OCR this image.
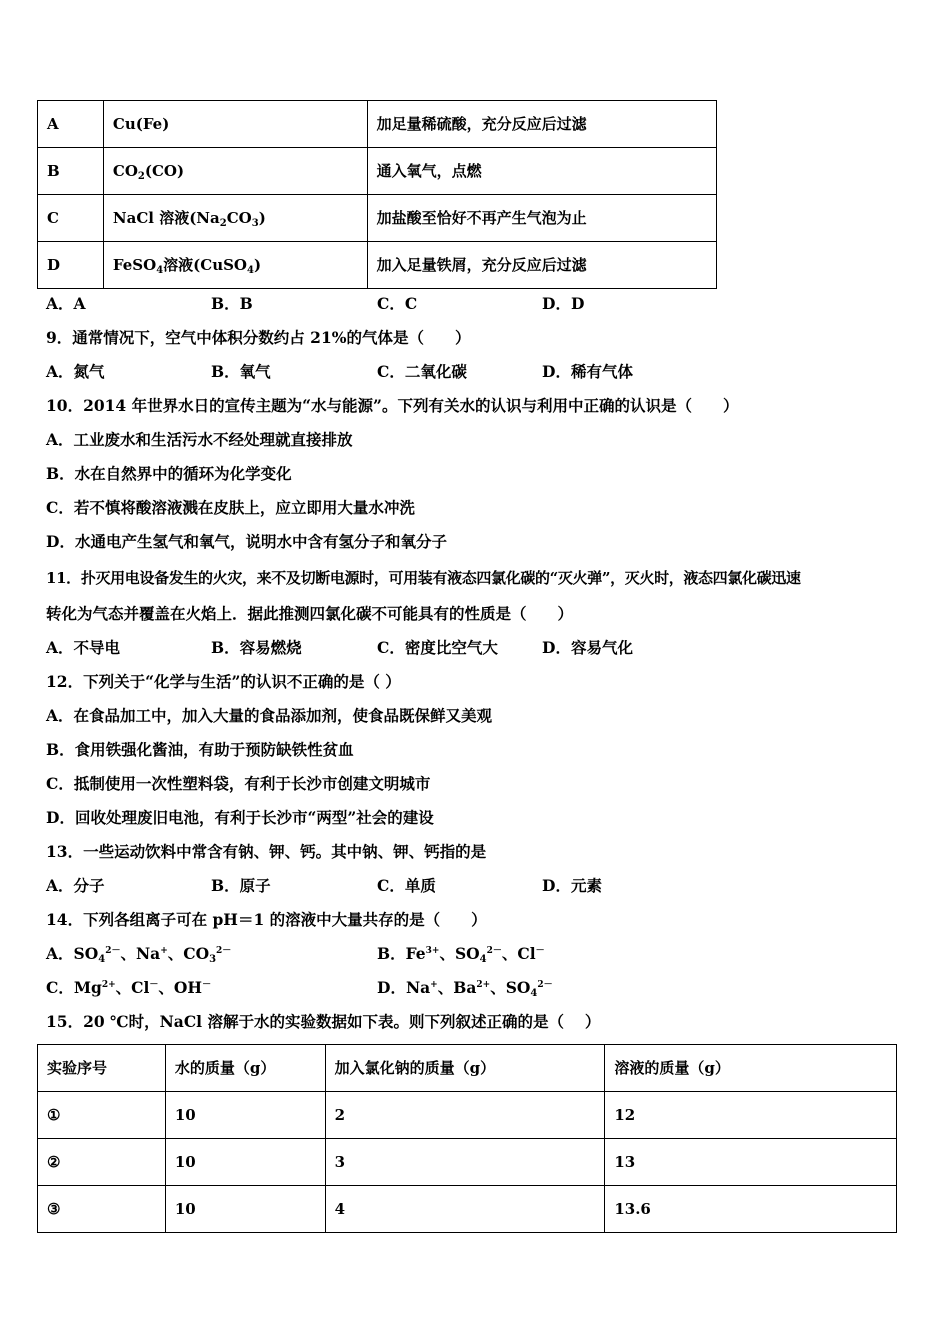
A	Cu(Fe)	加足量稀硫酸，充分反应后过滤
B	$CO_2(CO)$	通入氧气，点燃
C	NaCl 溶液$(Na_2CO_3)$	加盐酸至恰好不再产生气泡为止
D	FeSO$_4$溶液(CuSO$_4$)	加入足量铁屑，充分反应后过滤
A．A	B．B	C．C	D．D
9．通常情况下，空气中体积分数约占 21%的气体是（　　）
A．氮气	B．氧气	C．二氧化碳	D．稀有气体
10．2014 年世界水日的宣传主题为“水与能源”。下列有关水的认识与利用中正确的认识是（　　）
A．工业废水和生活污水不经处理就直接排放
B．水在自然界中的循环为化学变化
C．若不慎将酸溶液溅在皮肤上，应立即用大量水冲洗
D．水通电产生氢气和氧气，说明水中含有氢分子和氧分子
11．扑灭用电设备发生的火灾，来不及切断电源时，可用装有液态四氯化碳的“灭火弹”，灭火时，液态四氯化碳迅速
转化为气态并覆盖在火焰上．据此推测四氯化碳不可能具有的性质是（　　）
A．不导电	B．容易燃烧	C．密度比空气大	D．容易气化
12．下列关于“化学与生活”的认识不正确的是（ ）
A．在食品加工中，加入大量的食品添加剂，使食品既保鲜又美观
B．食用铁强化酱油，有助于预防缺铁性贫血
C．抵制使用一次性塑料袋，有利于长沙市创建文明城市
D．回收处理废旧电池，有利于长沙市“两型”社会的建设
13．一些运动饮料中常含有钠、钾、钙。其中钠、钾、钙指的是
A．分子	B．原子	C．单质	D．元素
14．下列各组离子可在 pH＝1 的溶液中大量共存的是（　　）
A．$SO_4^{2-}$、Na+、$CO_3^{2-}$	B．$Fe^{3+}$、$SO_4^{2-}$、Cl－
C．$Mg^{2+}$、Cl－、OH－	D．Na+、$Ba^{2+}$、$SO_4^{2-}$
15．20 ℃时，NaCl 溶解于水的实验数据如下表。则下列叙述正确的是（　 ）
实验序号	水的质量（g）	加入氯化钠的质量（g）	溶液的质量（g）
①	10	2	12
②	10	3	13
③	10	4	13.6
